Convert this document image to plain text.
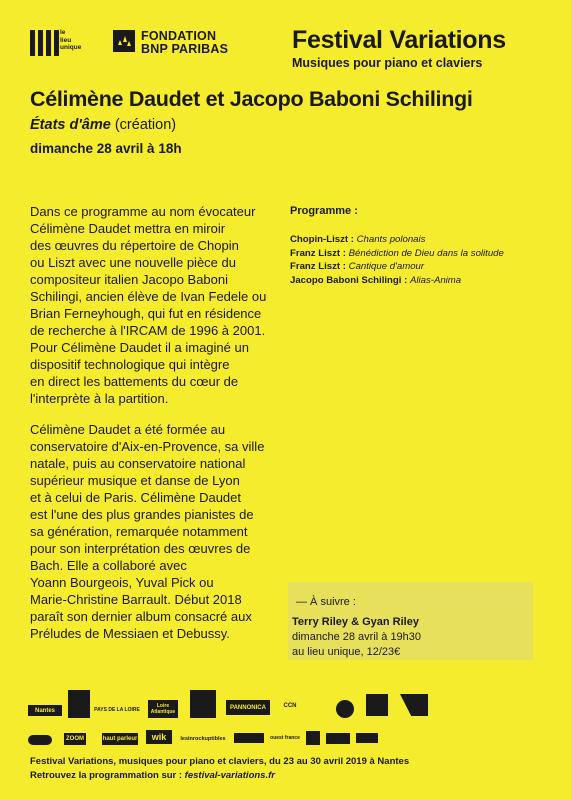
le
lieu
unique
FONDATION
BNP PARIBAS	Festival Variations
Musiques pour piano et claviers
Célimène Daudet et Jacopo Baboni Schilingi
États d'âme (création)
dimanche 28 avril à 18h

Dans ce programme au nom évocateur

Célimène Daudet mettra en miroir

des œuvres du répertoire de Chopin

ou Liszt avec une nouvelle pièce du

compositeur italien Jacopo Baboni

Schilingi, ancien élève de Ivan Fedele ou

Brian Ferneyhough, qui fut en résidence

de recherche à l'IRCAM de 1996 à 2001.

Pour Célimène Daudet il a imaginé un

dispositif technologique qui intègre

en direct les battements du cœur de

l'interprète à la partition.

Célimène Daudet a été formée au

conservatoire d'Aix-en-Provence, sa ville

natale, puis au conservatoire national

supérieur musique et danse de Lyon

et à celui de Paris. Célimène Daudet

est l'une des plus grandes pianistes de

sa génération, remarquée notamment

pour son interprétation des œuvres de

Bach. Elle a collaboré avec

Yoann Bourgeois, Yuval Pick ou

Marie-Christine Barrault. Début 2018

paraît son dernier album consacré aux

Préludes de Messiaen et Debussy.

Programme :
Chopin-Liszt : Chants polonais
Franz Liszt : Bénédiction de Dieu dans la solitude
Franz Liszt : Cantique d'amour
Jacopo Baboni Schilingi : Alias-Anima
— À suivre :
Terry Riley & Gyan Riley
dimanche 28 avril à 19h30
au lieu unique, 12/23€
Nantes	PAYS DE LA LOIRE
Loire Atlantique
PANNONICA	CCN
ZOOM	haut parleur	wik	lesinrockuptibles	ouest france
Festival Variations, musiques pour piano et claviers, du 23 au 30 avril 2019 à Nantes
Retrouvez la programmation sur : festival-variations.fr
